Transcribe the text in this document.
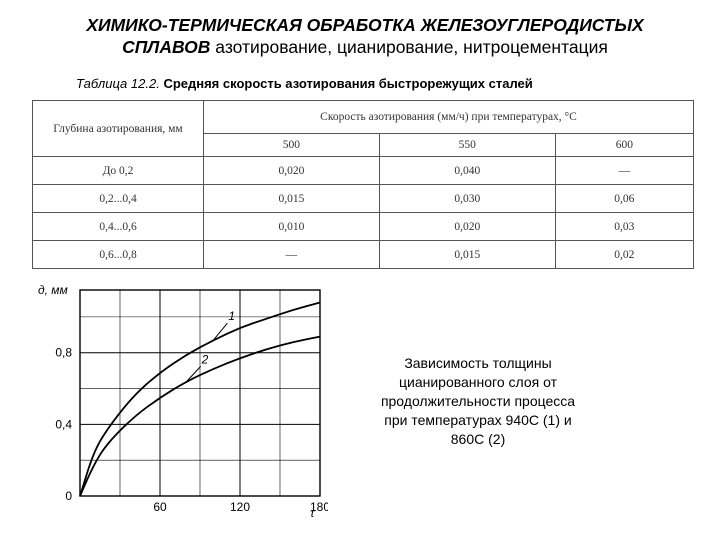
ХИМИКО-ТЕРМИЧЕСКАЯ ОБРАБОТКА ЖЕЛЕЗОУГЛЕРОДИСТЫХ СПЛАВОВ азотирование, цианирование, нитроцементация
Таблица 12.2. Средняя скорость азотирования быстрорежущих сталей
Глубина азотирования, мм	Скорость азотирования (мм/ч) при температурах, °С		
	500	550	600
До 0,2	0,020	0,040	—
0,2...0,4	0,015	0,030	0,06
0,4...0,6	0,010	0,020	0,03
0,6...0,8	—	0,015	0,02
1
2
60	120	180
0
0,4
0,8
д, мм
τ
Зависимость толщины цианированного слоя от продолжительности процесса при температурах 940С (1) и 860С (2)
